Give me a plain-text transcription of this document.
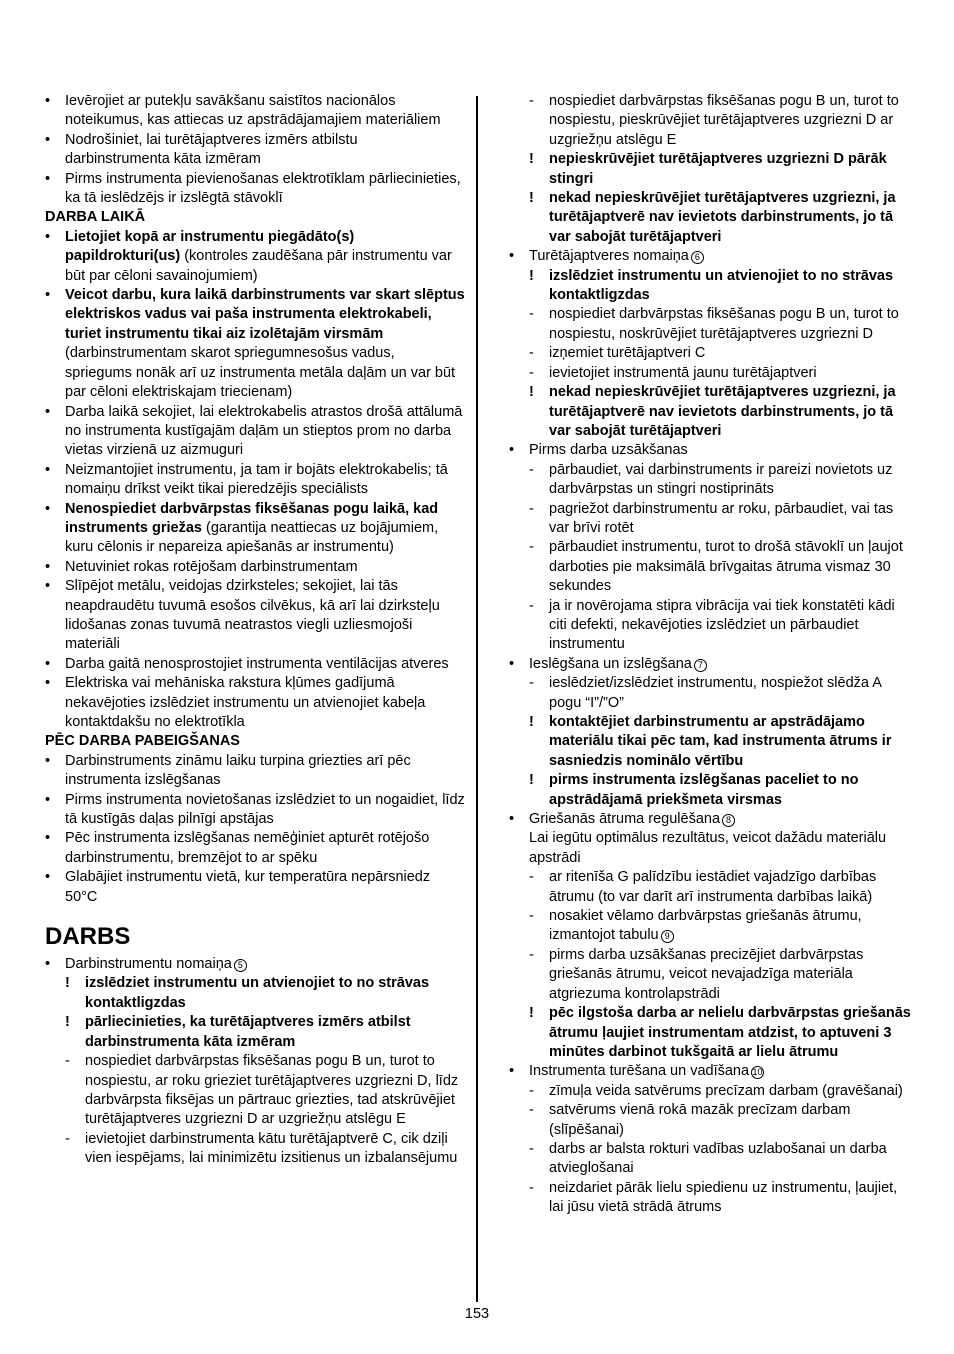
• Ievērojiet ar putekļu savākšanu saistītos nacionālos noteikumus, kas attiecas uz apstrādājamajiem materiāliem
• Nodrošiniet, lai turētājaptveres izmērs atbilstu darbinstrumenta kāta izmēram
• Pirms instrumenta pievienošanas elektrotīklam pārliecinieties, ka tā ieslēdzējs ir izslēgtā stāvoklī
DARBA LAIKĀ
• Lietojiet kopā ar instrumentu piegādāto(s) papildrokturi(us) (kontroles zaudēšana pār instrumentu var būt par cēloni savainojumiem)
• Veicot darbu, kura laikā darbinstruments var skart slēptus elektriskos vadus vai paša instrumenta elektrokabeli, turiet instrumentu tikai aiz izolētajām virsmām (darbinstrumentam skarot spriegumnesošus vadus, spriegums nonāk arī uz instrumenta metāla daļām un var būt par cēloni elektriskajam triecienam)
• Darba laikā sekojiet, lai elektrokabelis atrastos drošā attālumā no instrumenta kustīgajām daļām un stieptos prom no darba vietas virzienā uz aizmuguri
• Neizmantojiet instrumentu, ja tam ir bojāts elektrokabelis; tā nomaiņu drīkst veikt tikai pieredzējis speciālists
• Nenospiediet darbvārpstas fiksēšanas pogu laikā, kad instruments griežas (garantija neattiecas uz bojājumiem, kuru cēlonis ir nepareiza apiešanās ar instrumentu)
• Netuviniet rokas rotējošam darbinstrumentam
• Slīpējot metālu, veidojas dzirksteles; sekojiet, lai tās neapdraudētu tuvumā esošos cilvēkus, kā arī lai dzirksteļu lidošanas zonas tuvumā neatrastos viegli uzliesmojoši materiāli
• Darba gaitā nenosprostojiet instrumenta ventilācijas atveres
• Elektriska vai mehāniska rakstura kļūmes gadījumā nekavējoties izslēdziet instrumentu un atvienojiet kabeļa kontaktdakšu no elektrotīkla
PĒC DARBA PABEIGŠANAS
• Darbinstruments zināmu laiku turpina griezties arī pēc instrumenta izslēgšanas
• Pirms instrumenta novietošanas izslēdziet to un nogaidiet, līdz tā kustīgās daļas pilnīgi apstājas
• Pēc instrumenta izslēgšanas nemēģiniet apturēt rotējošo darbinstrumentu, bremzējot to ar spēku
• Glabājiet instrumentu vietā, kur temperatūra nepārsniedz 50°C
DARBS
• Darbinstrumentu nomaiņa 5
! izslēdziet instrumentu un atvienojiet to no strāvas kontaktligzdas
! pārliecinieties, ka turētājaptveres izmērs atbilst darbinstrumenta kāta izmēram
- nospiediet darbvārpstas fiksēšanas pogu B un, turot to nospiestu, ar roku grieziet turētājaptveres uzgriezni D, līdz darbvārpsta fiksējas un pārtrauc griezties, tad atskrūvējiet turētājaptveres uzgriezni D ar uzgriežņu atslēgu E
- ievietojiet darbinstrumenta kātu turētājaptverē C, cik dziļi vien iespējams, lai minimizētu izsitienus un izbalansējumu
- nospiediet darbvārpstas fiksēšanas pogu B un, turot to nospiestu, pieskrūvējiet turētājaptveres uzgriezni D ar uzgriežņu atslēgu E
! nepieskrūvējiet turētājaptveres uzgriezni D pārāk stingri
! nekad nepieskrūvējiet turētājaptveres uzgriezni, ja turētājaptverē nav ievietots darbinstruments, jo tā var sabojāt turētājaptveri
• Turētājaptveres nomaiņa 6
! izslēdziet instrumentu un atvienojiet to no strāvas kontaktligzdas
- nospiediet darbvārpstas fiksēšanas pogu B un, turot to nospiestu, noskrūvējiet turētājaptveres uzgriezni D
- izņemiet turētājaptveri C
- ievietojiet instrumentā jaunu turētājaptveri
! nekad nepieskrūvējiet turētājaptveres uzgriezni, ja turētājaptverē nav ievietots darbinstruments, jo tā var sabojāt turētājaptveri
• Pirms darba uzsākšanas
- pārbaudiet, vai darbinstruments ir pareizi novietots uz darbvārpstas un stingri nostiprināts
- pagriežot darbinstrumentu ar roku, pārbaudiet, vai tas var brīvi rotēt
- pārbaudiet instrumentu, turot to drošā stāvoklī un ļaujot darboties pie maksimālā brīvgaitas ātruma vismaz 30 sekundes
- ja ir novērojama stipra vibrācija vai tiek konstatēti kādi citi defekti, nekavējoties izslēdziet un pārbaudiet instrumentu
• Ieslēgšana un izslēgšana 7
- ieslēdziet/izslēdziet instrumentu, nospiežot slēdža A pogu “I”/”O”
! kontaktējiet darbinstrumentu ar apstrādājamo materiālu tikai pēc tam, kad instrumenta ātrums ir sasniedzis nominālo vērtību
! pirms instrumenta izslēgšanas paceliet to no apstrādājamā priekšmeta virsmas
• Griešanās ātruma regulēšana 8
Lai iegūtu optimālus rezultātus, veicot dažādu materiālu apstrādi
- ar ritenīša G palīdzību iestādiet vajadzīgo darbības ātrumu (to var darīt arī instrumenta darbības laikā)
- nosakiet vēlamo darbvārpstas griešanās ātrumu, izmantojot tabulu 9
- pirms darba uzsākšanas precizējiet darbvārpstas griešanās ātrumu, veicot nevajadzīga materiāla atgriezuma kontrolapstrādi
! pēc ilgstoša darba ar nelielu darbvārpstas griešanās ātrumu ļaujiet instrumentam atdzist, to aptuveni 3 minūtes darbinot tukšgaitā ar lielu ātrumu
• Instrumenta turēšana un vadīšana 10
- zīmuļa veida satvērums precīzam darbam (gravēšanai)
- satvērums vienā rokā mazāk precīzam darbam (slīpēšanai)
- darbs ar balsta rokturi vadības uzlabošanai un darba atvieglošanai
- neizdariet pārāk lielu spiedienu uz instrumentu, ļaujiet, lai jūsu vietā strādā ātrums
153
